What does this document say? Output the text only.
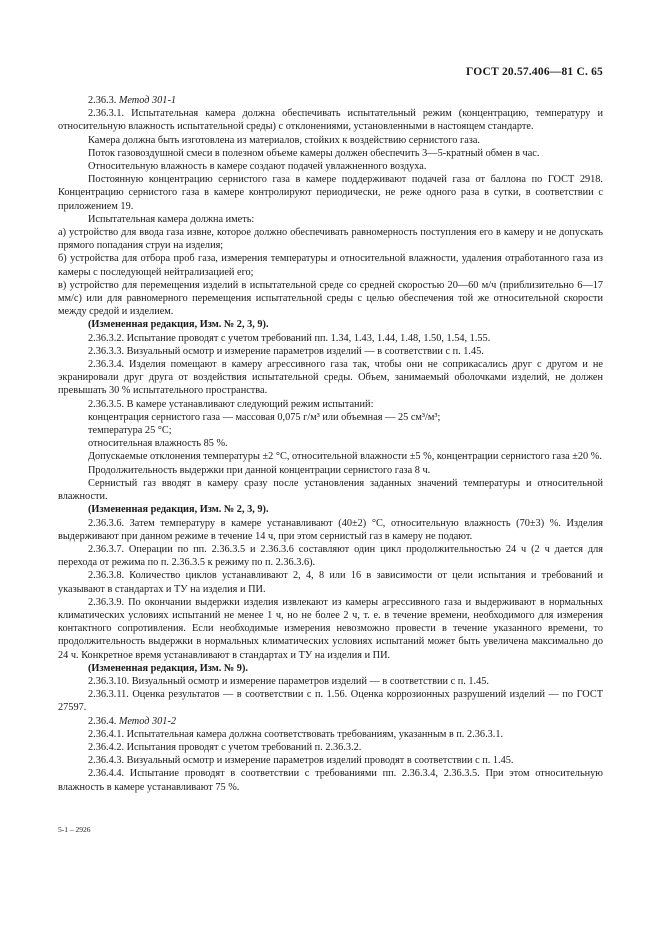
ГОСТ 20.57.406—81 С. 65

2.36.3. Метод 301-1

2.36.3.1. Испытательная камера должна обеспечивать испытательный режим (концентрацию, температуру и относительную влажность испытательной среды) с отклонениями, установленными в настоящем стандарте.

Камера должна быть изготовлена из материалов, стойких к воздействию сернистого газа.

Поток газовоздушной смеси в полезном объеме камеры должен обеспечить 3—5-кратный обмен в час.

Относительную влажность в камере создают подачей увлажненного воздуха.

Постоянную концентрацию сернистого газа в камере поддерживают подачей газа от баллона по ГОСТ 2918. Концентрацию сернистого газа в камере контролируют периодически, не реже одного раза в сутки, в соответствии с приложением 19.

Испытательная камера должна иметь:

а) устройство для ввода газа извне, которое должно обеспечивать равномерность поступления его в камеру и не допускать прямого попадания струи на изделия;

б) устройства для отбора проб газа, измерения температуры и относительной влажности, удаления отработанного газа из камеры с последующей нейтрализацией его;

в) устройство для перемещения изделий в испытательной среде со средней скоростью 20—60 м/ч (приблизительно 6—17 мм/с) или для равномерного перемещения испытательной среды с целью обеспечения той же относительной скорости между средой и изделием.

(Измененная редакция, Изм. № 2, 3, 9).

2.36.3.2. Испытание проводят с учетом требований пп. 1.34, 1.43, 1.44, 1.48, 1.50, 1.54, 1.55.

2.36.3.3. Визуальный осмотр и измерение параметров изделий — в соответствии с п. 1.45.

2.36.3.4. Изделия помещают в камеру агрессивного газа так, чтобы они не соприкасались друг с другом и не экранировали друг друга от воздействия испытательной среды. Объем, занимаемый оболочками изделий, не должен превышать 30 % испытательного пространства.

2.36.3.5. В камере устанавливают следующий режим испытаний:

концентрация сернистого газа — массовая 0,075 г/м³ или объемная — 25 см³/м³;

температура 25 °С;

относительная влажность 85 %.

Допускаемые отклонения температуры ±2 °С, относительной влажности ±5 %, концентрации сернистого газа ±20 %.

Продолжительность выдержки при данной концентрации сернистого газа 8 ч.

Сернистый газ вводят в камеру сразу после установления заданных значений температуры и относительной влажности.

(Измененная редакция, Изм. № 2, 3, 9).

2.36.3.6. Затем температуру в камере устанавливают (40±2) °С, относительную влажность (70±3) %. Изделия выдерживают при данном режиме в течение 14 ч, при этом сернистый газ в камеру не подают.

2.36.3.7. Операции по пп. 2.36.3.5 и 2.36.3.6 составляют один цикл продолжительностью 24 ч (2 ч дается для перехода от режима по п. 2.36.3.5 к режиму по п. 2.36.3.6).

2.36.3.8. Количество циклов устанавливают 2, 4, 8 или 16 в зависимости от цели испытания и требований и указывают в стандартах и ТУ на изделия и ПИ.

2.36.3.9. По окончании выдержки изделия извлекают из камеры агрессивного газа и выдерживают в нормальных климатических условиях испытаний не менее 1 ч, но не более 2 ч, т. е. в течение времени, необходимого для измерения контактного сопротивления. Если необходимые измерения невозможно провести в течение указанного времени, то продолжительность выдержки в нормальных климатических условиях испытаний может быть увеличена максимально до 24 ч. Конкретное время устанавливают в стандартах и ТУ на изделия и ПИ.

(Измененная редакция, Изм. № 9).

2.36.3.10. Визуальный осмотр и измерение параметров изделий — в соответствии с п. 1.45.

2.36.3.11. Оценка результатов — в соответствии с п. 1.56. Оценка коррозионных разрушений изделий — по ГОСТ 27597.

2.36.4. Метод 301-2

2.36.4.1. Испытательная камера должна соответствовать требованиям, указанным в п. 2.36.3.1.

2.36.4.2. Испытания проводят с учетом требований п. 2.36.3.2.

2.36.4.3. Визуальный осмотр и измерение параметров изделий проводят в соответствии с п. 1.45.

2.36.4.4. Испытание проводят в соответствии с требованиями пп. 2.36.3.4, 2.36.3.5. При этом относительную влажность в камере устанавливают 75 %.

5-1 – 2926
